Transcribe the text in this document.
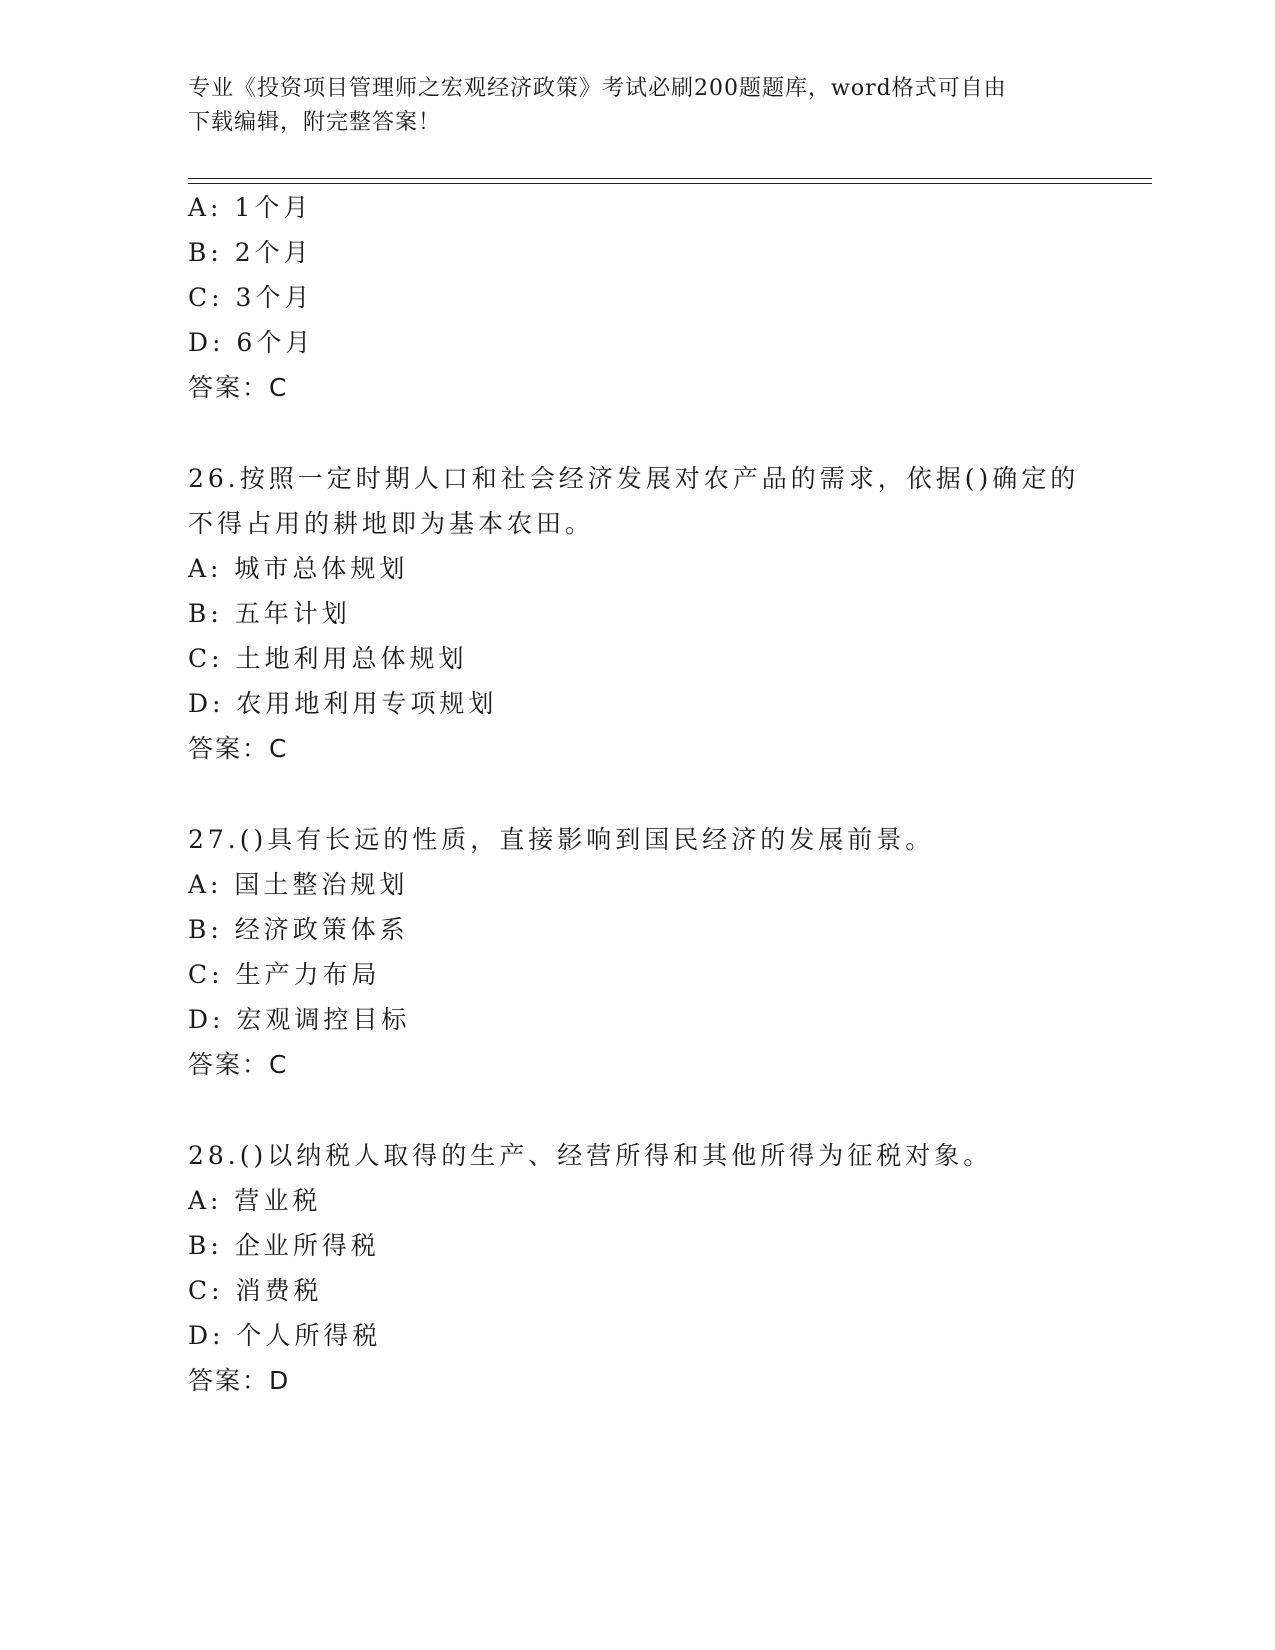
专业《投资项目管理师之宏观经济政策》考试必刷200题题库，word格式可自由
下载编辑，附完整答案！
A: 1个月
B: 2个月
C: 3个月
D: 6个月
答案：C
26.按照一定时期人口和社会经济发展对农产品的需求，依据()确定的
不得占用的耕地即为基本农田。
A: 城市总体规划
B: 五年计划
C: 土地利用总体规划
D: 农用地利用专项规划
答案：C
27.()具有长远的性质，直接影响到国民经济的发展前景。
A: 国土整治规划
B: 经济政策体系
C: 生产力布局
D: 宏观调控目标
答案：C
28.()以纳税人取得的生产、经营所得和其他所得为征税对象。
A: 营业税
B: 企业所得税
C: 消费税
D: 个人所得税
答案：D
